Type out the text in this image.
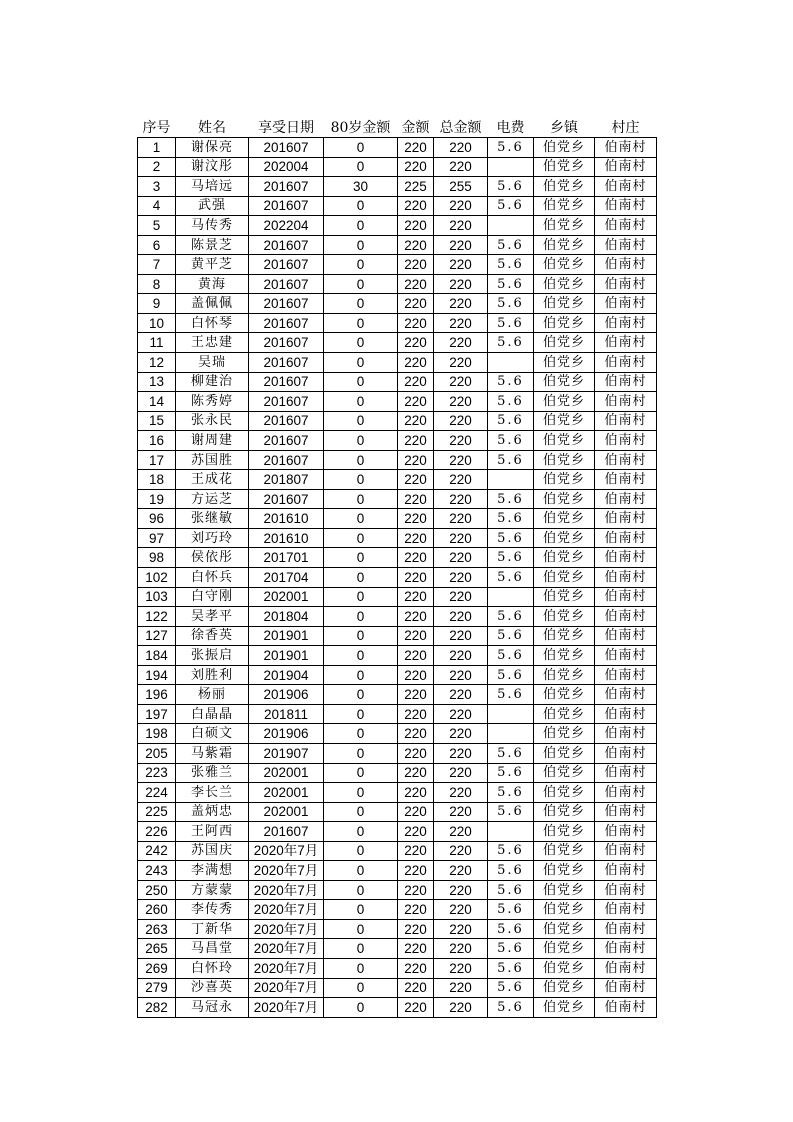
序号	姓名	享受日期	80岁金额	金额	总金额	电费	乡镇	村庄
1	谢保亮	201607	0	220	220	5.6	伯党乡	伯南村
2	谢汶彤	202004	0	220	220		伯党乡	伯南村
3	马培远	201607	30	225	255	5.6	伯党乡	伯南村
4	武强	201607	0	220	220	5.6	伯党乡	伯南村
5	马传秀	202204	0	220	220		伯党乡	伯南村
6	陈景芝	201607	0	220	220	5.6	伯党乡	伯南村
7	黄平芝	201607	0	220	220	5.6	伯党乡	伯南村
8	黄海	201607	0	220	220	5.6	伯党乡	伯南村
9	盖佩佩	201607	0	220	220	5.6	伯党乡	伯南村
10	白怀琴	201607	0	220	220	5.6	伯党乡	伯南村
11	王忠建	201607	0	220	220	5.6	伯党乡	伯南村
12	吴瑞	201607	0	220	220		伯党乡	伯南村
13	柳建治	201607	0	220	220	5.6	伯党乡	伯南村
14	陈秀婷	201607	0	220	220	5.6	伯党乡	伯南村
15	张永民	201607	0	220	220	5.6	伯党乡	伯南村
16	谢周建	201607	0	220	220	5.6	伯党乡	伯南村
17	苏国胜	201607	0	220	220	5.6	伯党乡	伯南村
18	王成花	201807	0	220	220		伯党乡	伯南村
19	方运芝	201607	0	220	220	5.6	伯党乡	伯南村
96	张继敏	201610	0	220	220	5.6	伯党乡	伯南村
97	刘巧玲	201610	0	220	220	5.6	伯党乡	伯南村
98	侯依彤	201701	0	220	220	5.6	伯党乡	伯南村
102	白怀兵	201704	0	220	220	5.6	伯党乡	伯南村
103	白守刚	202001	0	220	220		伯党乡	伯南村
122	吴孝平	201804	0	220	220	5.6	伯党乡	伯南村
127	徐香英	201901	0	220	220	5.6	伯党乡	伯南村
184	张振启	201901	0	220	220	5.6	伯党乡	伯南村
194	刘胜利	201904	0	220	220	5.6	伯党乡	伯南村
196	杨丽	201906	0	220	220	5.6	伯党乡	伯南村
197	白晶晶	201811	0	220	220		伯党乡	伯南村
198	白硕文	201906	0	220	220		伯党乡	伯南村
205	马紫霜	201907	0	220	220	5.6	伯党乡	伯南村
223	张雅兰	202001	0	220	220	5.6	伯党乡	伯南村
224	李长兰	202001	0	220	220	5.6	伯党乡	伯南村
225	盖炳忠	202001	0	220	220	5.6	伯党乡	伯南村
226	王阿西	201607	0	220	220		伯党乡	伯南村
242	苏国庆	2020年7月	0	220	220	5.6	伯党乡	伯南村
243	李满想	2020年7月	0	220	220	5.6	伯党乡	伯南村
250	方蒙蒙	2020年7月	0	220	220	5.6	伯党乡	伯南村
260	李传秀	2020年7月	0	220	220	5.6	伯党乡	伯南村
263	丁新华	2020年7月	0	220	220	5.6	伯党乡	伯南村
265	马昌堂	2020年7月	0	220	220	5.6	伯党乡	伯南村
269	白怀玲	2020年7月	0	220	220	5.6	伯党乡	伯南村
279	沙喜英	2020年7月	0	220	220	5.6	伯党乡	伯南村
282	马冠永	2020年7月	0	220	220	5.6	伯党乡	伯南村
